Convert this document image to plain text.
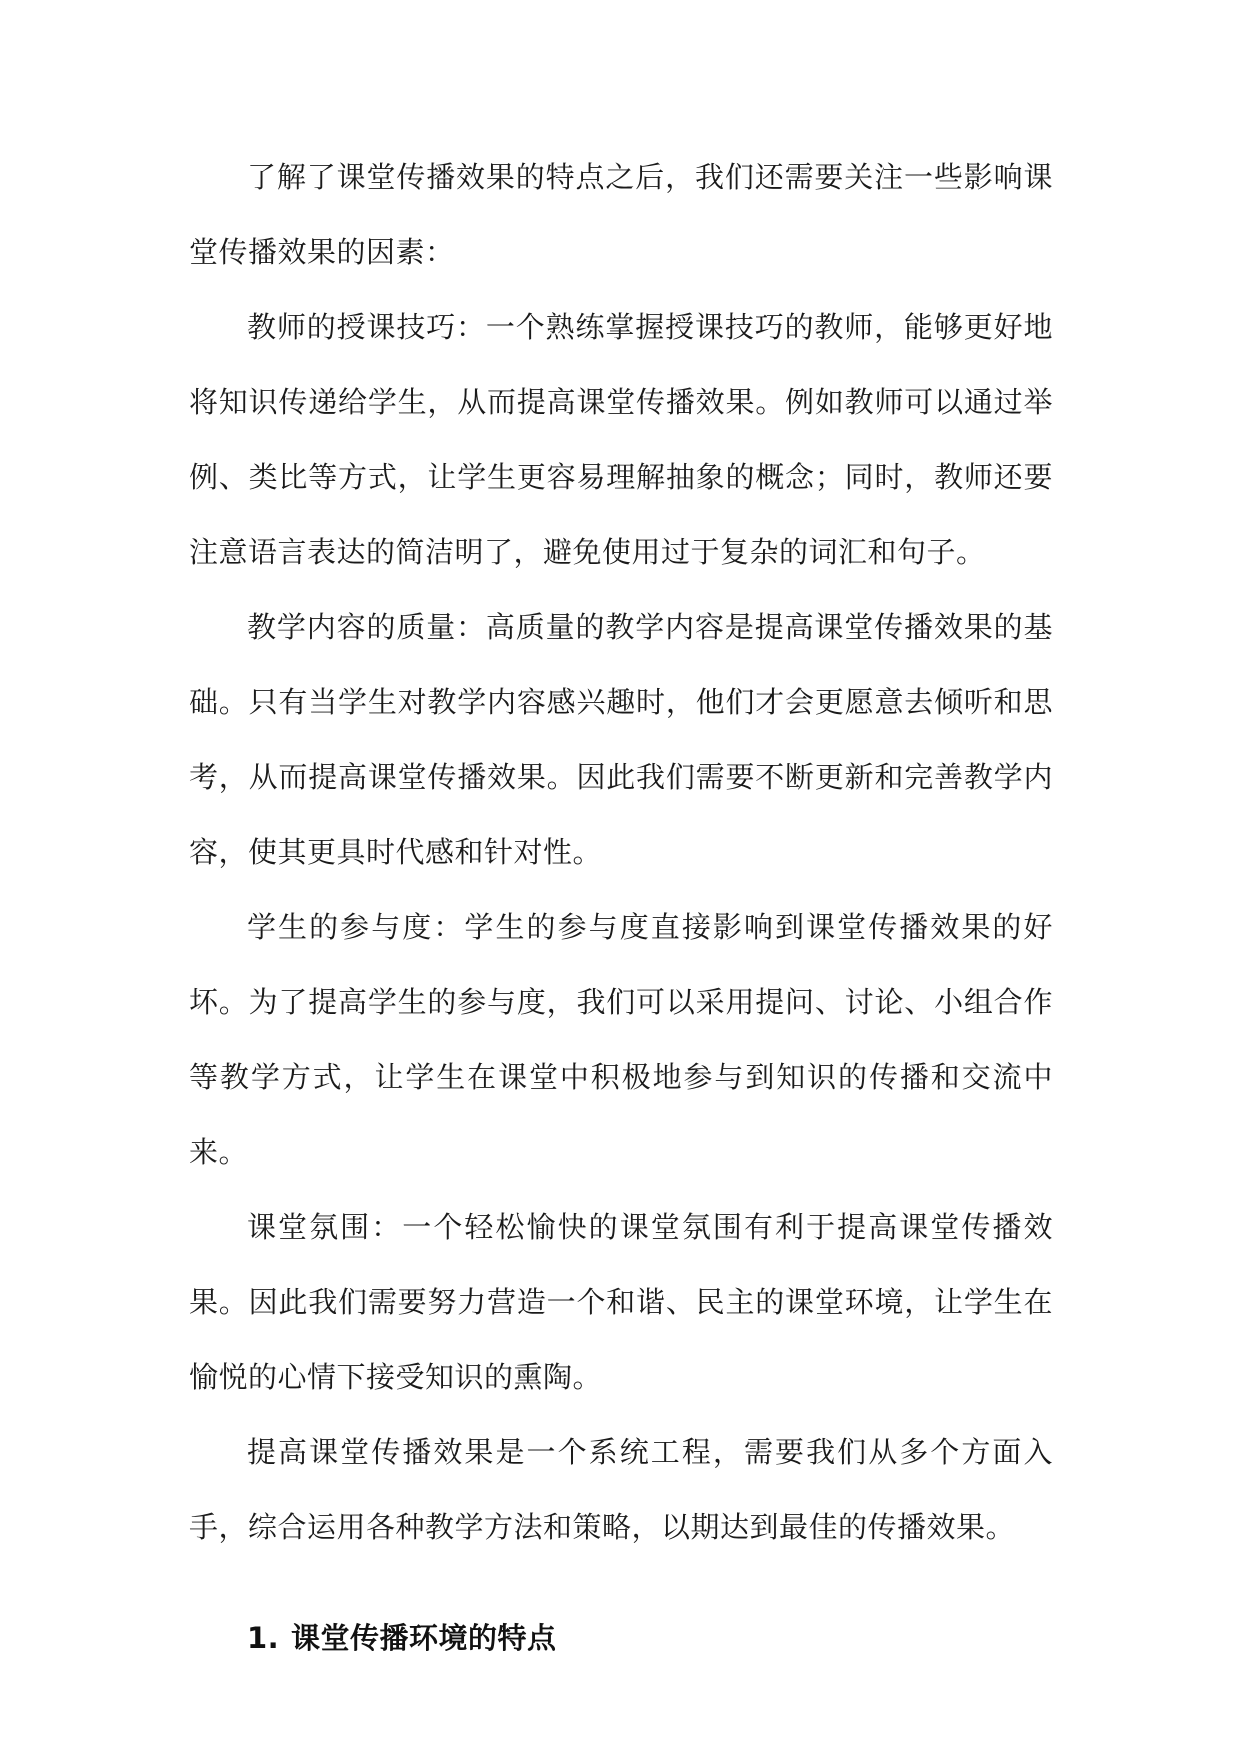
了解了课堂传播效果的特点之后，我们还需要关注一些影响课堂传播效果的因素：

教师的授课技巧：一个熟练掌握授课技巧的教师，能够更好地将知识传递给学生，从而提高课堂传播效果。例如教师可以通过举例、类比等方式，让学生更容易理解抽象的概念；同时，教师还要注意语言表达的简洁明了，避免使用过于复杂的词汇和句子。

教学内容的质量：高质量的教学内容是提高课堂传播效果的基础。只有当学生对教学内容感兴趣时，他们才会更愿意去倾听和思考，从而提高课堂传播效果。因此我们需要不断更新和完善教学内容，使其更具时代感和针对性。

学生的参与度：学生的参与度直接影响到课堂传播效果的好坏。为了提高学生的参与度，我们可以采用提问、讨论、小组合作等教学方式，让学生在课堂中积极地参与到知识的传播和交流中来。

课堂氛围：一个轻松愉快的课堂氛围有利于提高课堂传播效果。因此我们需要努力营造一个和谐、民主的课堂环境，让学生在愉悦的心情下接受知识的熏陶。

提高课堂传播效果是一个系统工程，需要我们从多个方面入手，综合运用各种教学方法和策略，以期达到最佳的传播效果。

1. 课堂传播环境的特点
